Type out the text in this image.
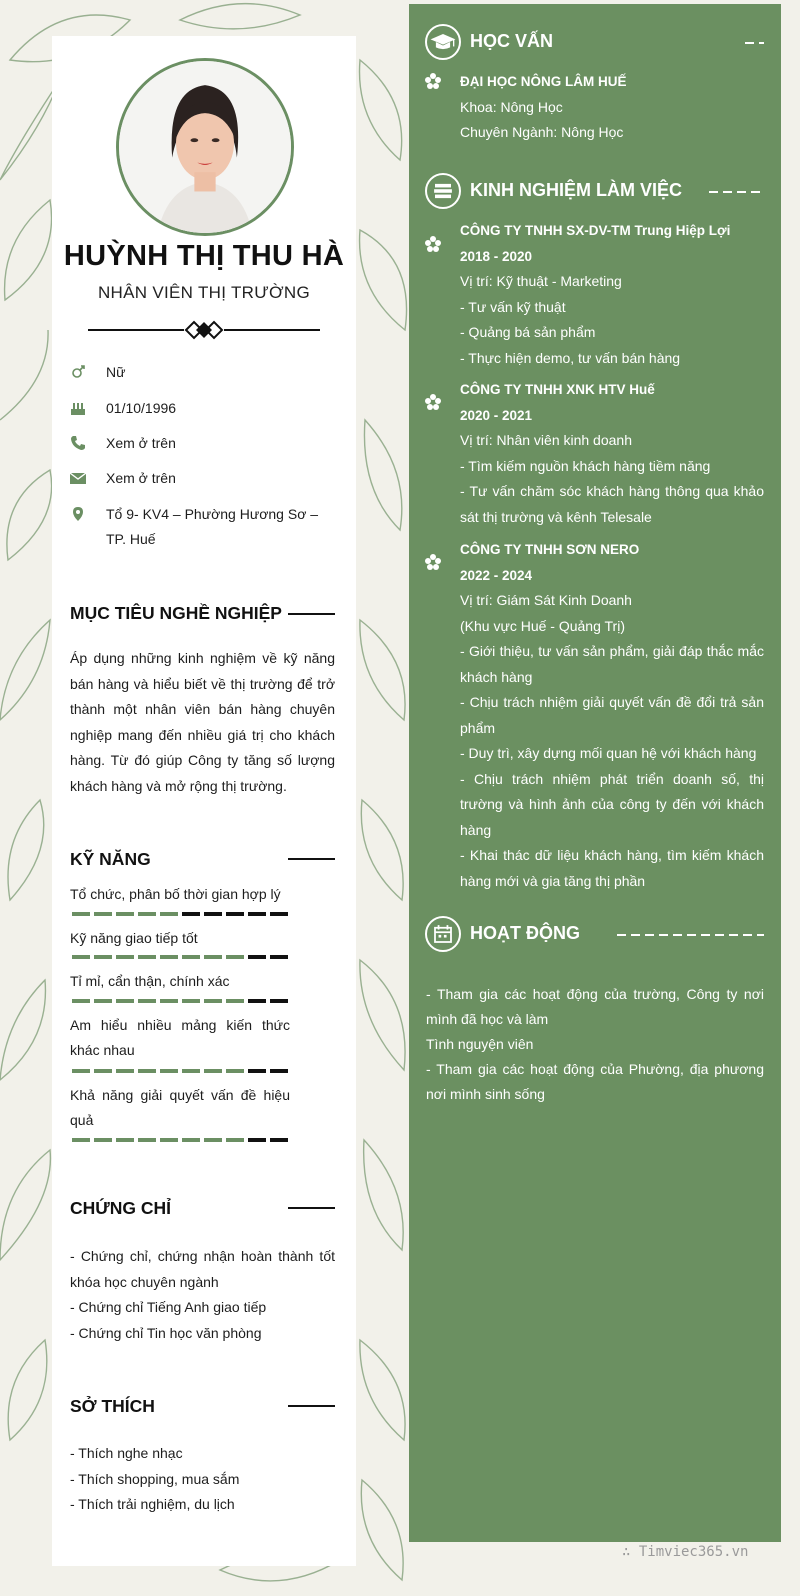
HUỲNH THỊ THU HÀ
NHÂN VIÊN THỊ TRƯỜNG
Nữ
01/10/1996
Xem ở trên
Xem ở trên
Tổ 9- KV4 – Phường Hương Sơ – TP. Huế
MỤC TIÊU NGHỀ NGHIỆP
Áp dụng những kinh nghiệm về kỹ năng bán hàng và hiểu biết về thị trường để trở thành một nhân viên bán hàng chuyên nghiệp mang đến nhiều giá trị cho khách hàng. Từ đó giúp Công ty tăng số lượng khách hàng và mở rộng thị trường.
KỸ NĂNG
Tổ chức, phân bố thời gian hợp lý
Kỹ năng giao tiếp tốt
Tỉ mỉ, cẩn thận, chính xác
Am hiểu nhiều mảng kiến thức khác nhau
Khả năng giải quyết vấn đề hiệu quả
CHỨNG CHỈ
- Chứng chỉ, chứng nhận hoàn thành tốt khóa học chuyên ngành
- Chứng chỉ Tiếng Anh giao tiếp
- Chứng chỉ Tin học văn phòng
SỞ THÍCH
- Thích nghe nhạc
- Thích shopping, mua sắm
- Thích trải nghiệm, du lịch
HỌC VẤN
ĐẠI HỌC NÔNG LÂM HUẾ
Khoa: Nông Học
Chuyên Ngành: Nông Học
KINH NGHIỆM LÀM VIỆC
CÔNG TY TNHH SX-DV-TM Trung Hiệp Lợi
2018 - 2020
Vị trí: Kỹ thuật - Marketing
- Tư vấn kỹ thuật
- Quảng bá sản phẩm
- Thực hiện demo, tư vấn bán hàng
CÔNG TY TNHH XNK HTV Huế
2020 - 2021
Vị trí: Nhân viên kinh doanh
- Tìm kiếm nguồn khách hàng tiềm năng
- Tư vấn chăm sóc khách hàng thông qua khảo sát thị trường và kênh Telesale
CÔNG TY TNHH SƠN NERO
2022 - 2024
Vị trí: Giám Sát Kinh Doanh
(Khu vực Huế - Quảng Trị)
- Giới thiệu, tư vấn sản phẩm, giải đáp thắc mắc khách hàng
- Chịu trách nhiệm giải quyết vấn đề đổi trả sản phẩm
- Duy trì, xây dựng mối quan hệ với khách hàng
- Chịu trách nhiệm phát triển doanh số, thị trường và hình ảnh của công ty đến với khách hàng
- Khai thác dữ liệu khách hàng, tìm kiếm khách hàng mới và gia tăng thị phần
HOẠT ĐỘNG
- Tham gia các hoạt động của trường, Công ty nơi mình đã học và làm
Tình nguyện viên
- Tham gia các hoạt động của Phường, địa phương nơi mình sinh sống
∴ Timviec365.vn
